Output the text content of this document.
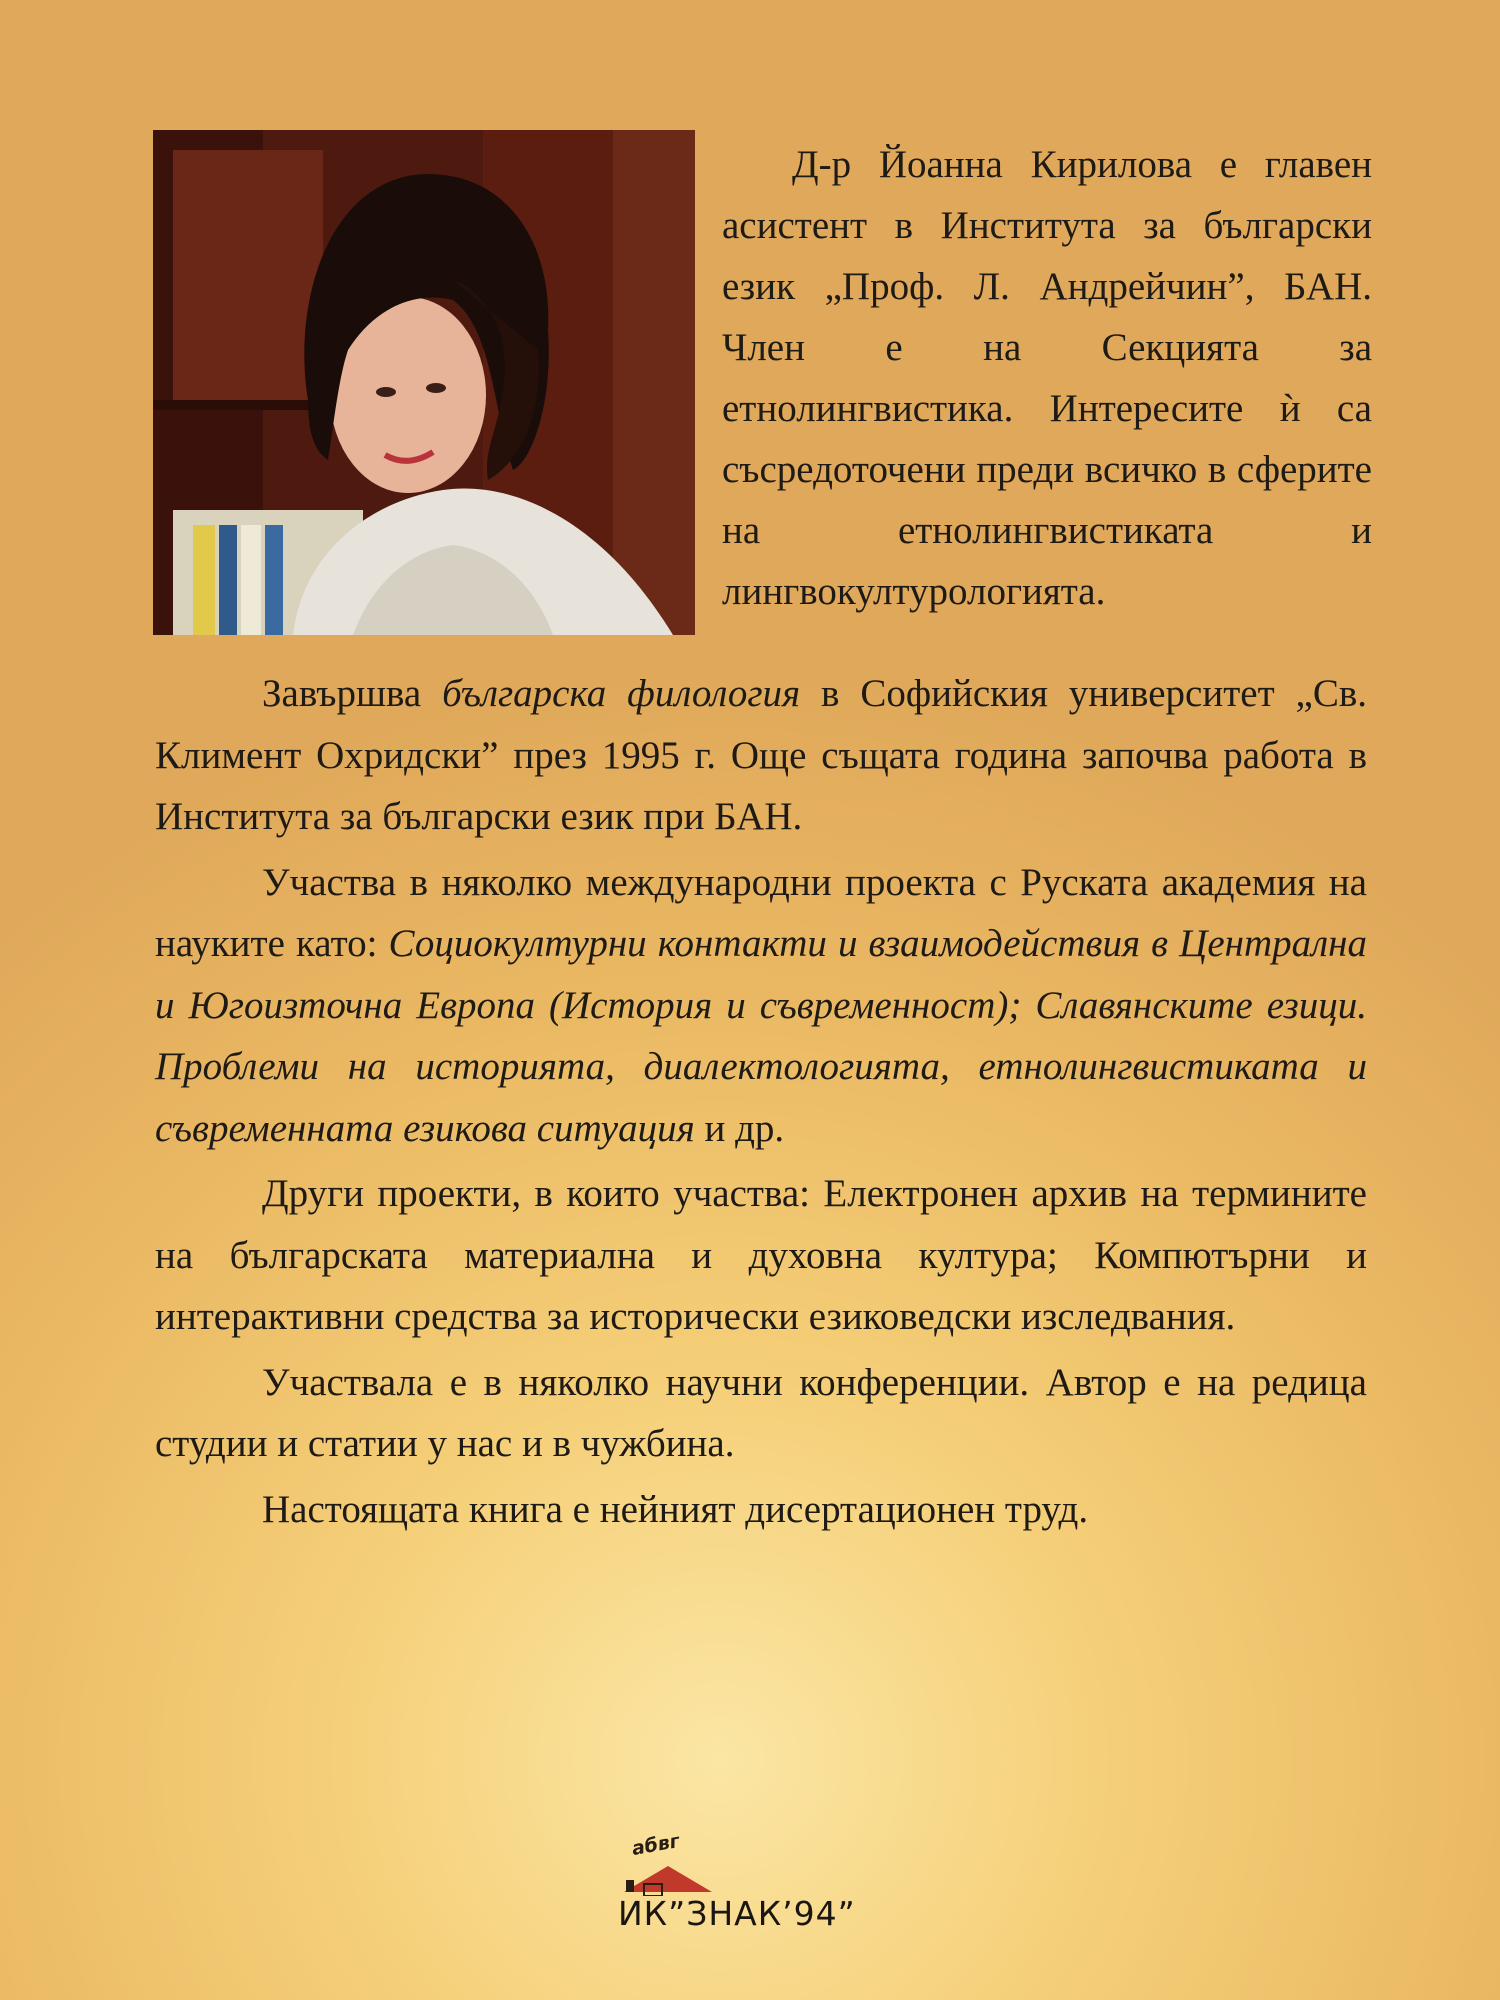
Д-р Йоанна Кирилова е главен асистент в Института за български език „Проф. Л. Андрейчин”, БАН. Член е на Секцията за етнолингвистика. Интересите ѝ са съсредоточени преди всичко в сферите на етнолингвистиката и лингвокултурологията.

Завършва българска филология в Софийския университет „Св. Климент Охридски” през 1995 г. Още същата година започва работа в Института за български език при БАН.

Участва в няколко международни проекта с Руската академия на науките като: Социокултурни контакти и взаимодействия в Централна и Югоизточна Европа (История и съвременност); Славянските езици. Проблеми на историята, диалектологията, етнолингвистиката и съвременната езикова ситуация и др.

Други проекти, в които участва: Електронен архив на термините на българската материална и духовна култура; Компютърни и интерактивни средства за исторически езиковедски изследвания.

Участвала е в няколко научни конференции. Автор е на редица студии и статии у нас и в чужбина.

Настоящата книга е нейният дисертационен труд.

абвг
ИК”ЗНАК’94”
